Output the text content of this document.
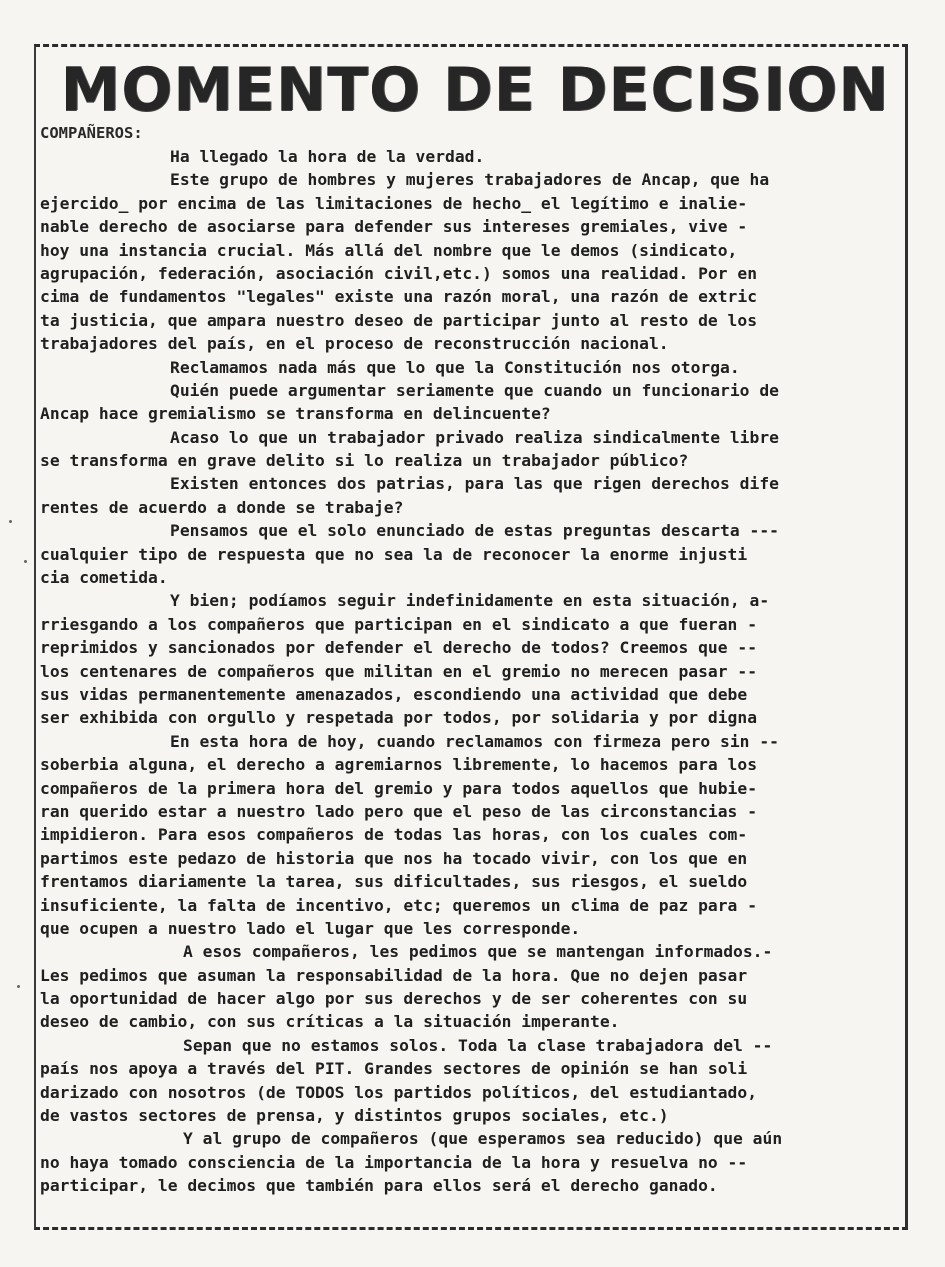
MOMENTO DE DECISION
COMPAÑEROS:
Ha llegado la hora de la verdad.
Este grupo de hombres y mujeres trabajadores de Ancap, que ha
ejercido_ por encima de las limitaciones de hecho_ el legítimo e inalie-
nable derecho de asociarse para defender sus intereses gremiales, vive -
hoy una instancia crucial. Más allá del nombre que le demos (sindicato,
agrupación, federación, asociación civil,etc.) somos una realidad. Por en
cima de fundamentos "legales" existe una razón moral, una razón de extric
ta justicia, que ampara nuestro deseo de participar junto al resto de los
trabajadores del país, en el proceso de reconstrucción nacional.
Reclamamos nada más que lo que la Constitución nos otorga.
Quién puede argumentar seriamente que cuando un funcionario de
Ancap hace gremialismo se transforma en delincuente?
Acaso lo que un trabajador privado realiza sindicalmente libre
se transforma en grave delito si lo realiza un trabajador público?
Existen entonces dos patrias, para las que rigen derechos dife
rentes de acuerdo a donde se trabaje?
Pensamos que el solo enunciado de estas preguntas descarta ---
cualquier tipo de respuesta que no sea la de reconocer la enorme injusti
cia cometida.
Y bien; podíamos seguir indefinidamente en esta situación, a-
rriesgando a los compañeros que participan en el sindicato a que fueran -
reprimidos y sancionados por defender el derecho de todos? Creemos que --
los centenares de compañeros que militan en el gremio no merecen pasar --
sus vidas permanentemente amenazados, escondiendo una actividad que debe
ser exhibida con orgullo y respetada por todos, por solidaria y por digna
En esta hora de hoy, cuando reclamamos con firmeza pero sin --
soberbia alguna, el derecho a agremiarnos libremente, lo hacemos para los
compañeros de la primera hora del gremio y para todos aquellos que hubie-
ran querido estar a nuestro lado pero que el peso de las circonstancias -
impidieron. Para esos compañeros de todas las horas, con los cuales com-
partimos este pedazo de historia que nos ha tocado vivir, con los que en
frentamos diariamente la tarea, sus dificultades, sus riesgos, el sueldo
insuficiente, la falta de incentivo, etc; queremos un clima de paz para -
que ocupen a nuestro lado el lugar que les corresponde.
A esos compañeros, les pedimos que se mantengan informados.-
Les pedimos que asuman la responsabilidad de la hora. Que no dejen pasar
la oportunidad de hacer algo por sus derechos y de ser coherentes con su
deseo de cambio, con sus críticas a la situación imperante.
Sepan que no estamos solos. Toda la clase trabajadora del --
país nos apoya a través del PIT. Grandes sectores de opinión se han soli
darizado con nosotros (de TODOS los partidos políticos, del estudiantado,
de vastos sectores de prensa, y distintos grupos sociales, etc.)
Y al grupo de compañeros (que esperamos sea reducido) que aún
no haya tomado consciencia de la importancia de la hora y resuelva no --
participar, le decimos que también para ellos será el derecho ganado.
